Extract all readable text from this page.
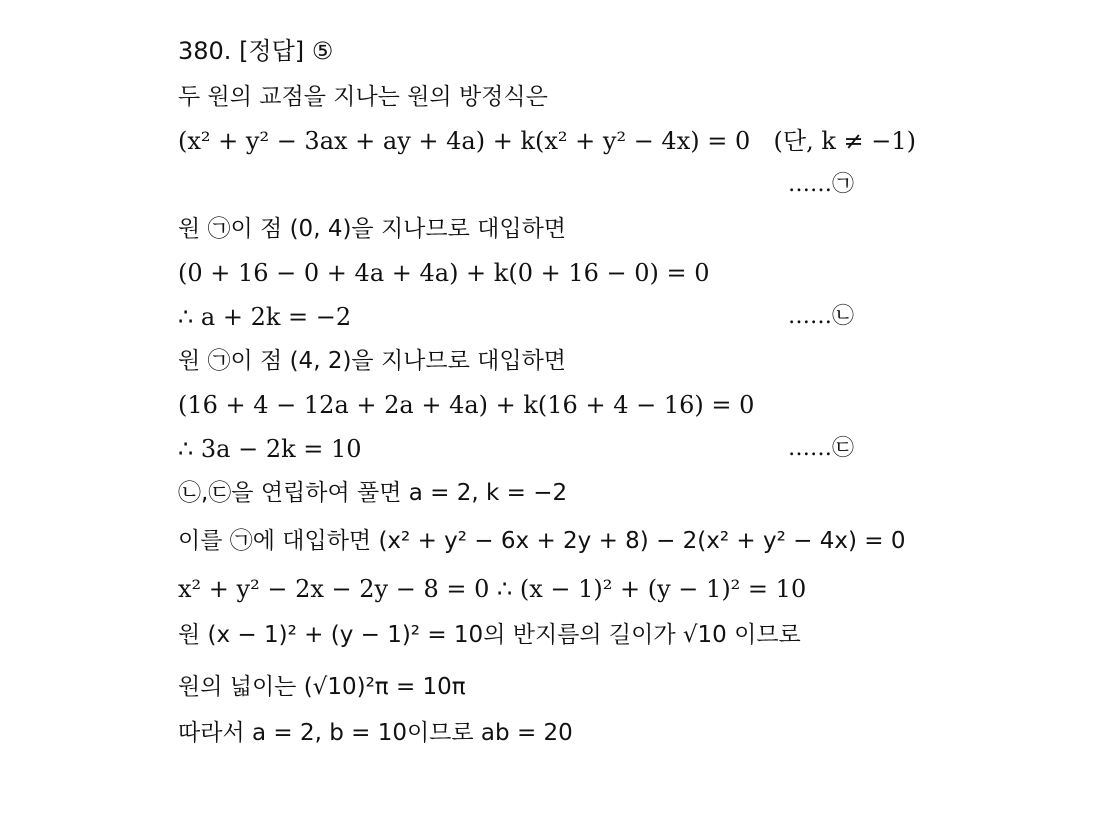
380. [정답] ⑤
두 원의 교점을 지나는 원의 방정식은
(x² + y² − 3ax + ay + 4a) + k(x² + y² − 4x) = 0 (단, k ≠ −1)
……㉠
원 ㉠이 점 (0, 4)을 지나므로 대입하면
(0 + 16 − 0 + 4a + 4a) + k(0 + 16 − 0) = 0
∴ a + 2k = −2	……㉡
원 ㉠이 점 (4, 2)을 지나므로 대입하면
(16 + 4 − 12a + 2a + 4a) + k(16 + 4 − 16) = 0
∴ 3a − 2k = 10	……㉢
㉡,㉢을 연립하여 풀면 a = 2, k = −2
이를 ㉠에 대입하면 (x² + y² − 6x + 2y + 8) − 2(x² + y² − 4x) = 0
x² + y² − 2x − 2y − 8 = 0 ∴ (x − 1)² + (y − 1)² = 10
원 (x − 1)² + (y − 1)² = 10의 반지름의 길이가 √10 이므로
원의 넓이는 (√10)²π = 10π
따라서 a = 2, b = 10이므로 ab = 20
